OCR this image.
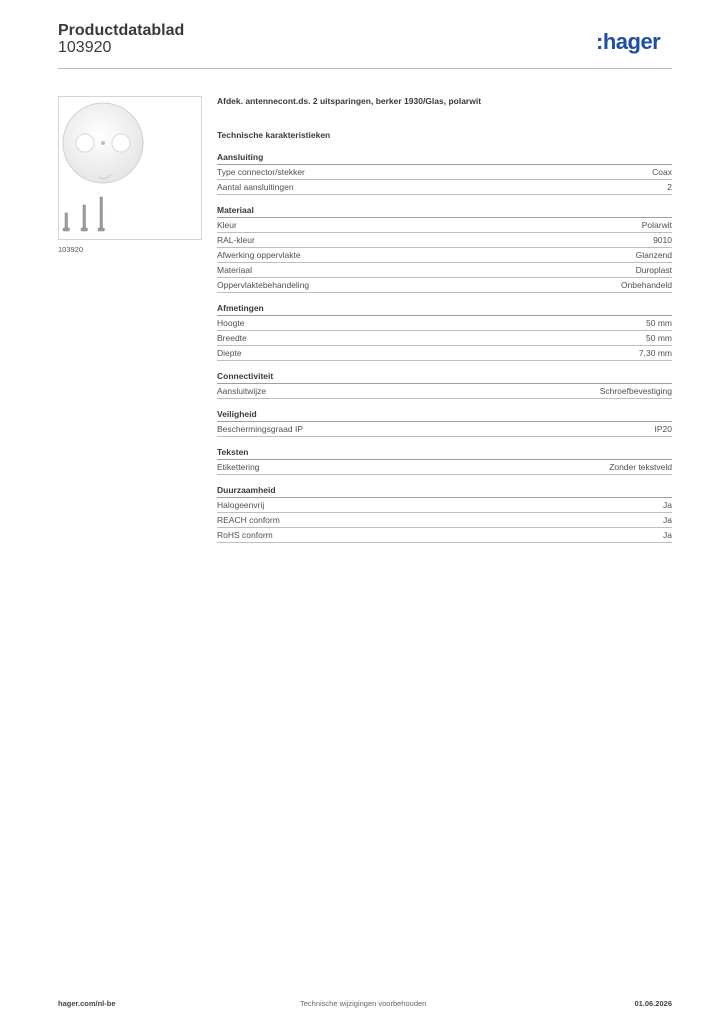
Productdatablad
103920	:hager
103920
Afdek. antennecont.ds. 2 uitsparingen, berker 1930/Glas, polarwit
Technische karakteristieken
Aansluiting
Type connector/stekker	Coax
Aantal aansluitingen	2
Materiaal
Kleur	Polarwit
RAL-kleur	9010
Afwerking oppervlakte	Glanzend
Materiaal	Duroplast
Oppervlaktebehandeling	Onbehandeld
Afmetingen
Hoogte	50 mm
Breedte	50 mm
Diepte	7,30 mm
Connectiviteit
Aansluitwijze	Schroefbevestiging
Veiligheid
Beschermingsgraad IP	IP20
Teksten
Etikettering	Zonder tekstveld
Duurzaamheid
Halogeenvrij	Ja
REACH conform	Ja
RoHS conform	Ja
hager.com/nl-be	Technische wijzigingen voorbehouden	01.06.2026
